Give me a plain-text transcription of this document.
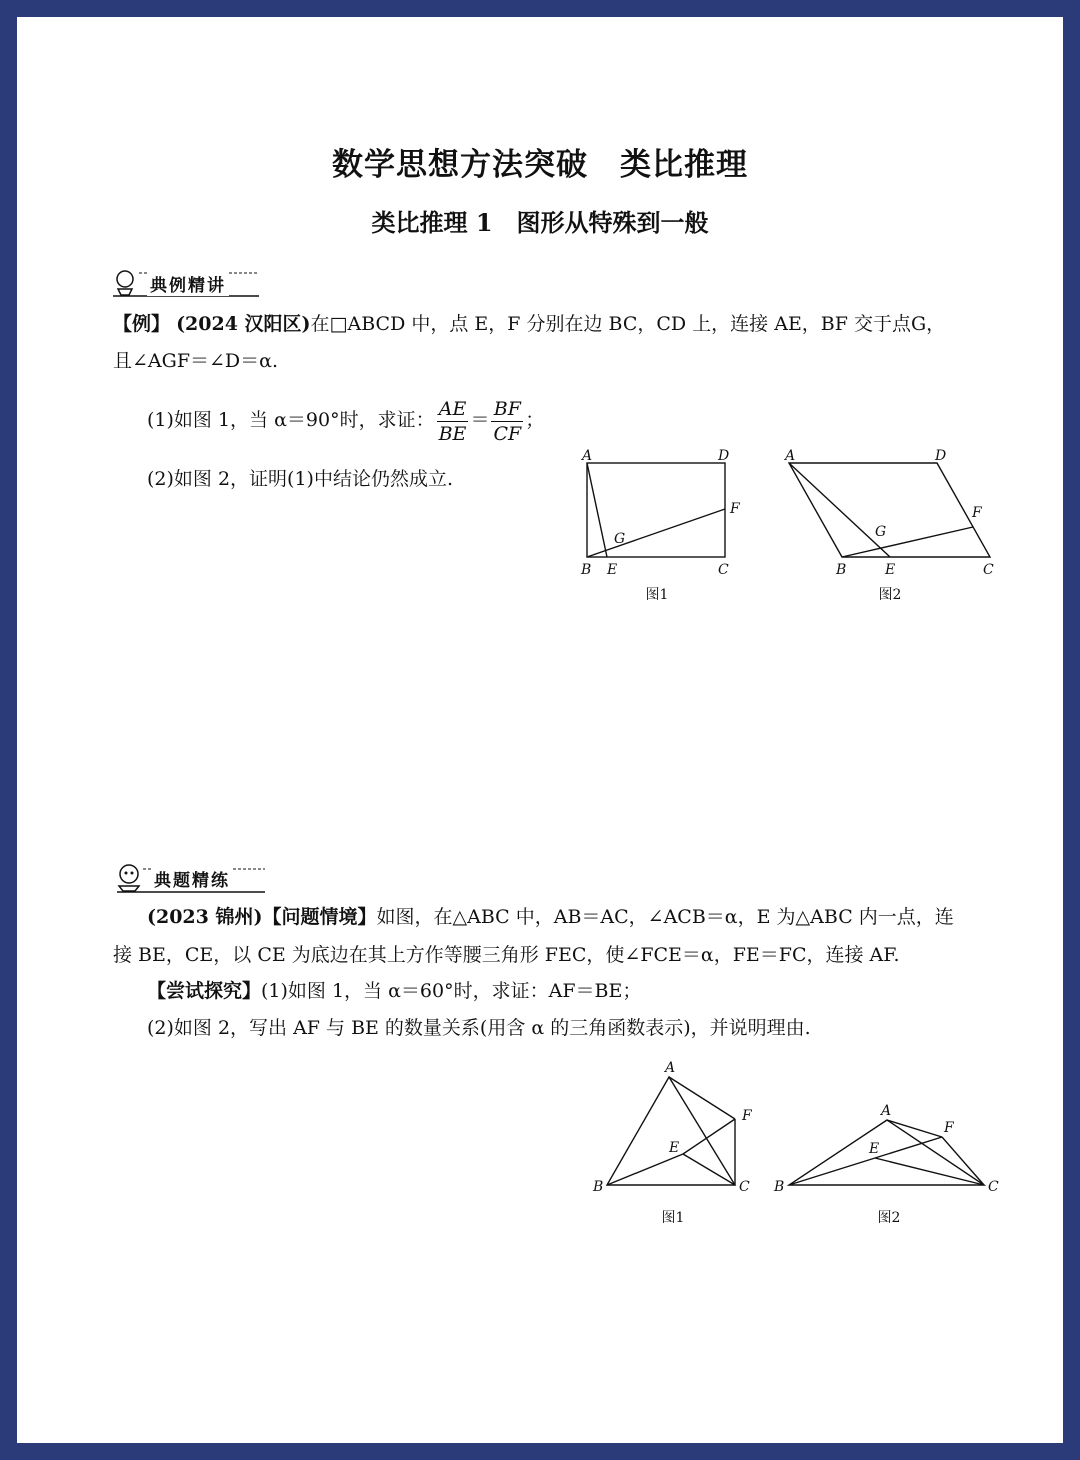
数学思想方法突破　类比推理
类比推理 1　图形从特殊到一般
典例精讲
【例】 (2024 汉阳区)在□ABCD 中，点 E，F 分别在边 BC，CD 上，连接 AE，BF 交于点G，
且∠AGF＝∠D＝α.
(1)如图 1，当 α＝90°时，求证： $\frac{AE}{BE} = \frac{BF}{CF}$ ；
(2)如图 2，证明(1)中结论仍然成立.
A	D
F
G
B E	C
图1
A	D
F
G
B	E	C
图2
典题精练
(2023 锦州)【问题情境】如图，在△ABC 中，AB＝AC，∠ACB＝α，E 为△ABC 内一点，连
接 BE，CE，以 CE 为底边在其上方作等腰三角形 FEC，使∠FCE＝α，FE＝FC，连接 AF.
【尝试探究】(1)如图 1，当 α＝60°时，求证：AF＝BE；
(2)如图 2，写出 AF 与 BE 的数量关系(用含 α 的三角函数表示)，并说明理由.
A
F
E
B	C
图1
A
F
E
B	C
图2
